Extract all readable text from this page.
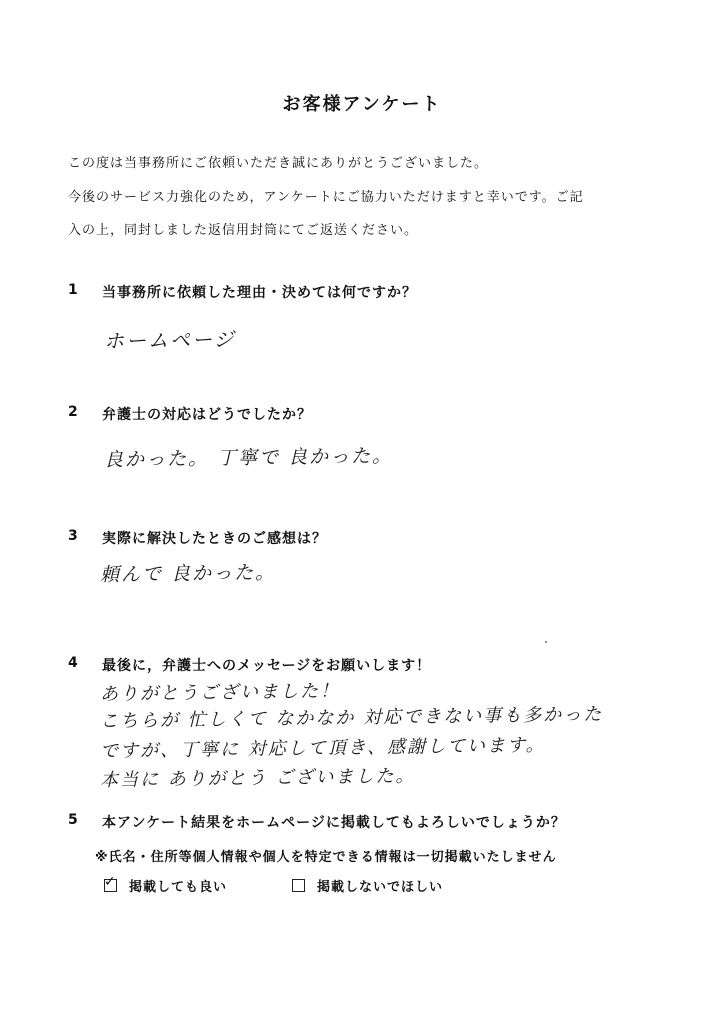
お客様アンケート
この度は当事務所にご依頼いただき誠にありがとうございました。
今後のサービス力強化のため，アンケートにご協力いただけますと幸いです。ご記
入の上，同封しました返信用封筒にてご返送ください。
1 当事務所に依頼した理由・決めては何ですか？
ホームページ
2 弁護士の対応はどうでしたか？
良かった。 丁寧で 良かった。
3 実際に解決したときのご感想は？
頼んで 良かった。
4 最後に，弁護士へのメッセージをお願いします！
ありがとうございました！
こちらが 忙しくて なかなか 対応できない事も多かった
ですが、丁寧に 対応して頂き、感謝しています。
本当に ありがとう ございました。
5 本アンケート結果をホームページに掲載してもよろしいでしょうか？
※氏名・住所等個人情報や個人を特定できる情報は一切掲載いたしません
✓ 掲載しても良い	掲載しないでほしい
